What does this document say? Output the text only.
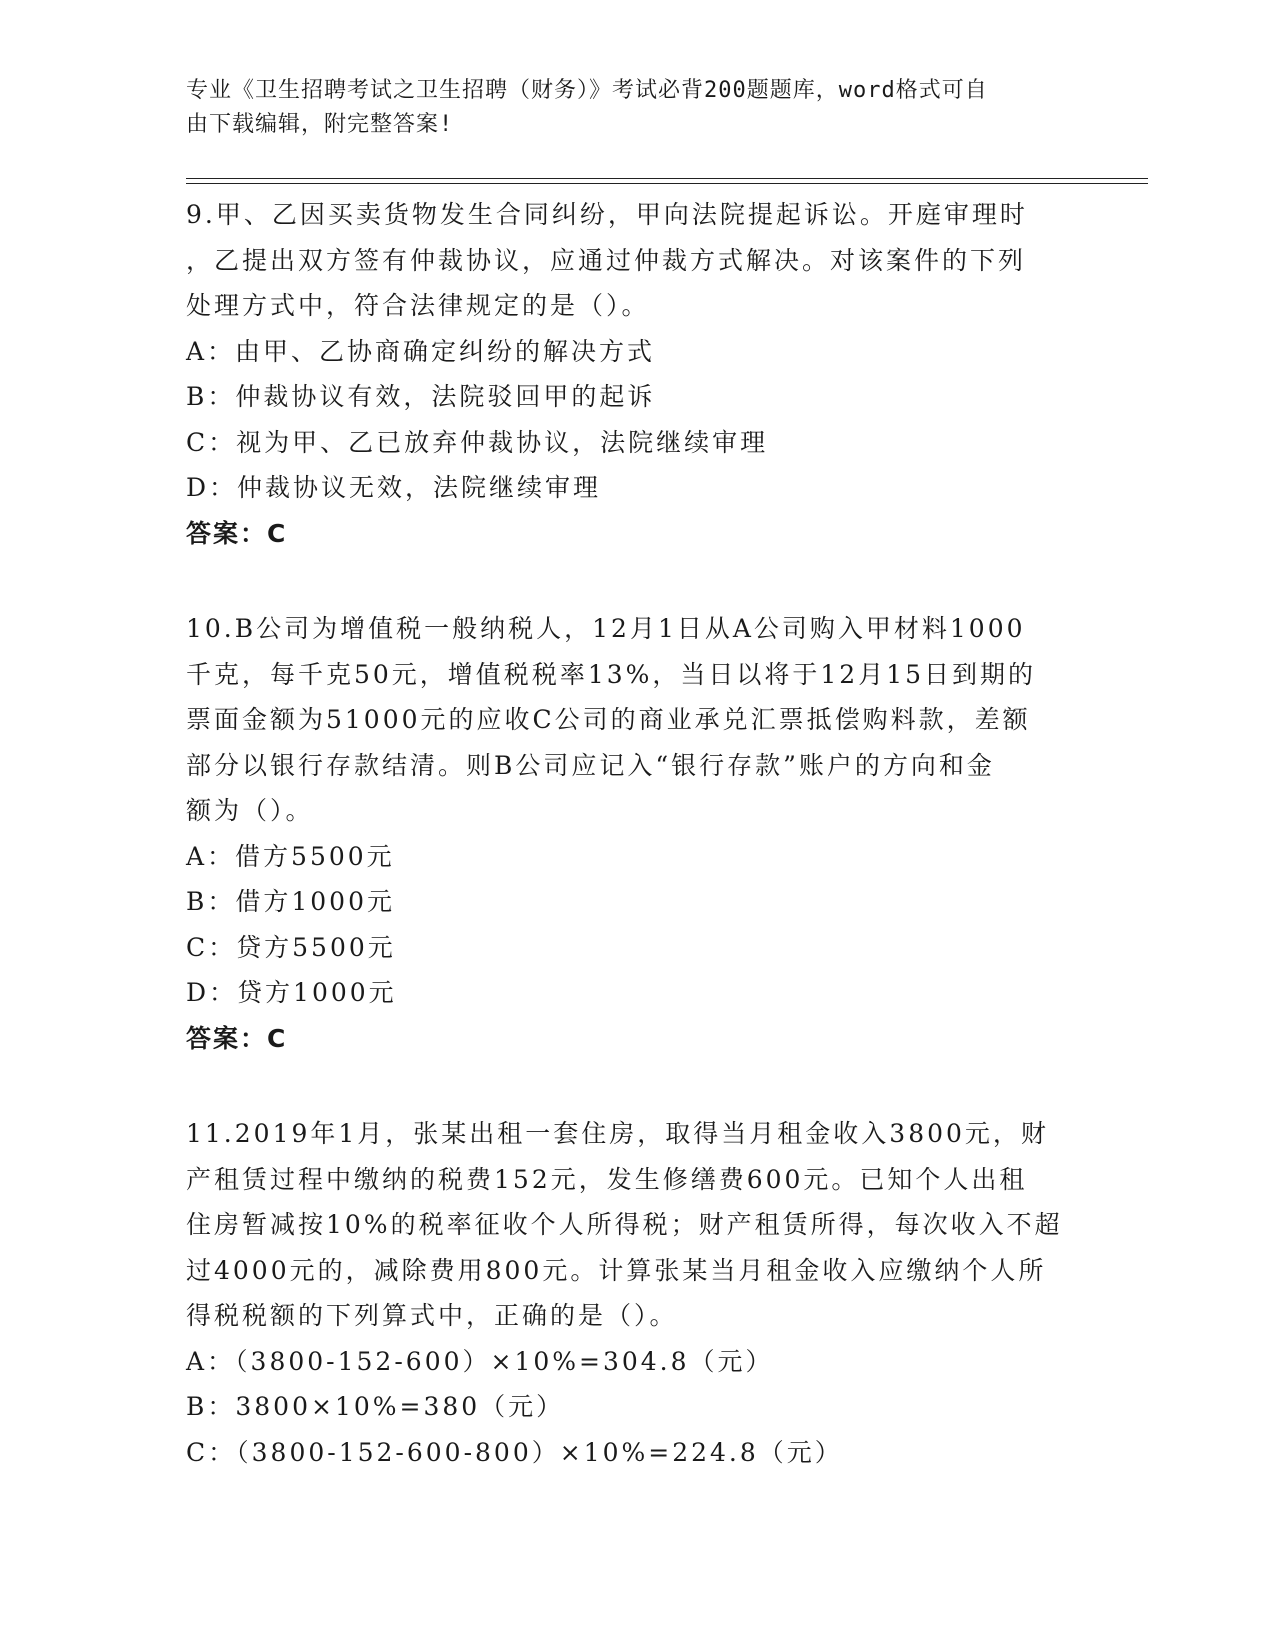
专业《卫生招聘考试之卫生招聘（财务）》考试必背200题题库，word格式可自
由下载编辑，附完整答案!
9.甲、乙因买卖货物发生合同纠纷，甲向法院提起诉讼。开庭审理时
，乙提出双方签有仲裁协议，应通过仲裁方式解决。对该案件的下列
处理方式中，符合法律规定的是（）。
A：由甲、乙协商确定纠纷的解决方式
B：仲裁协议有效，法院驳回甲的起诉
C：视为甲、乙已放弃仲裁协议，法院继续审理
D：仲裁协议无效，法院继续审理
答案：C
10.B公司为增值税一般纳税人，12月1日从A公司购入甲材料1000
千克，每千克50元，增值税税率13%，当日以将于12月15日到期的
票面金额为51000元的应收C公司的商业承兑汇票抵偿购料款，差额
部分以银行存款结清。则B公司应记入“银行存款”账户的方向和金
额为（）。
A：借方5500元
B：借方1000元
C：贷方5500元
D：贷方1000元
答案：C
11.2019年1月，张某出租一套住房，取得当月租金收入3800元，财
产租赁过程中缴纳的税费152元，发生修缮费600元。已知个人出租
住房暂减按10%的税率征收个人所得税；财产租赁所得，每次收入不超
过4000元的，减除费用800元。计算张某当月租金收入应缴纳个人所
得税税额的下列算式中，正确的是（）。
A：（3800-152-600）×10%=304.8（元）
B：3800×10%=380（元）
C：（3800-152-600-800）×10%=224.8（元）
